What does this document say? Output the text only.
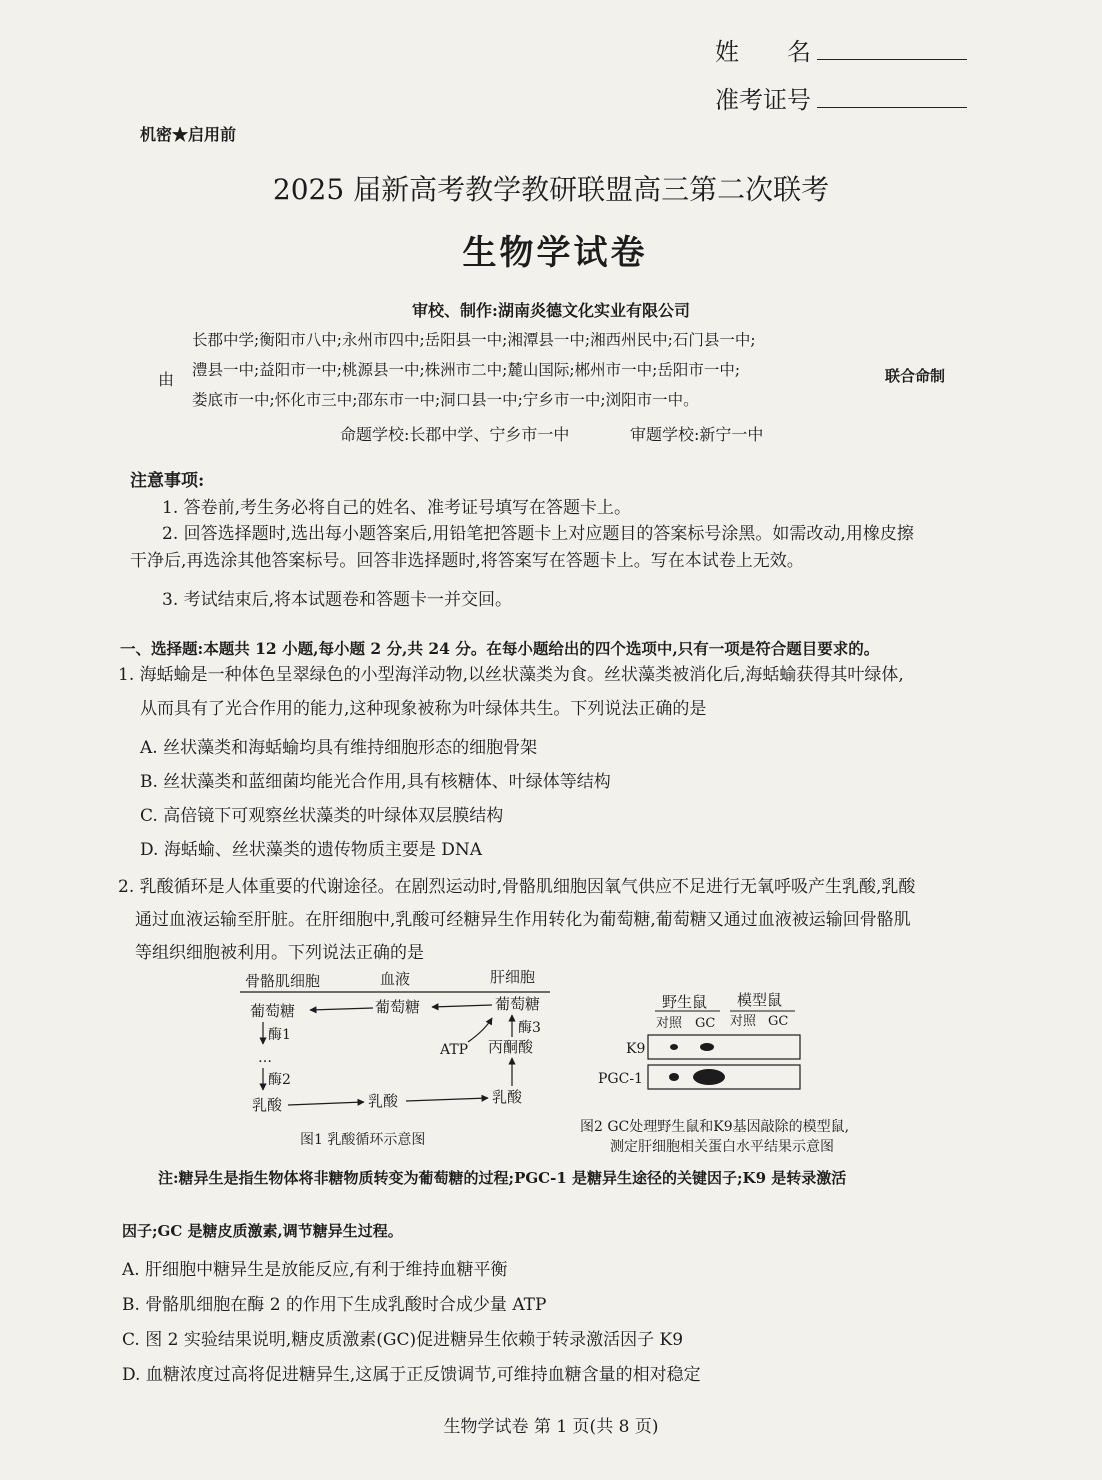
姓　　名
准考证号
机密★启用前
2025 届新高考教学教研联盟高三第二次联考
生物学试卷
审校、制作:湖南炎德文化实业有限公司
由
长郡中学;衡阳市八中;永州市四中;岳阳县一中;湘潭县一中;湘西州民中;石门县一中;
澧县一中;益阳市一中;桃源县一中;株洲市二中;麓山国际;郴州市一中;岳阳市一中;
娄底市一中;怀化市三中;邵东市一中;洞口县一中;宁乡市一中;浏阳市一中。
联合命制
命题学校:长郡中学、宁乡市一中	审题学校:新宁一中
注意事项:
1. 答卷前,考生务必将自己的姓名、准考证号填写在答题卡上。
2. 回答选择题时,选出每小题答案后,用铅笔把答题卡上对应题目的答案标号涂黑。如需改动,用橡皮擦
干净后,再选涂其他答案标号。回答非选择题时,将答案写在答题卡上。写在本试卷上无效。
3. 考试结束后,将本试题卷和答题卡一并交回。
一、选择题:本题共 12 小题,每小题 2 分,共 24 分。在每小题给出的四个选项中,只有一项是符合题目要求的。
1. 海蛞蝓是一种体色呈翠绿色的小型海洋动物,以丝状藻类为食。丝状藻类被消化后,海蛞蝓获得其叶绿体,
从而具有了光合作用的能力,这种现象被称为叶绿体共生。下列说法正确的是
A. 丝状藻类和海蛞蝓均具有维持细胞形态的细胞骨架
B. 丝状藻类和蓝细菌均能光合作用,具有核糖体、叶绿体等结构
C. 高倍镜下可观察丝状藻类的叶绿体双层膜结构
D. 海蛞蝓、丝状藻类的遗传物质主要是 DNA
2. 乳酸循环是人体重要的代谢途径。在剧烈运动时,骨骼肌细胞因氧气供应不足进行无氧呼吸产生乳酸,乳酸
通过血液运输至肝脏。在肝细胞中,乳酸可经糖异生作用转化为葡萄糖,葡萄糖又通过血液被运输回骨骼肌
等组织细胞被利用。下列说法正确的是
骨骼肌细胞	血液	肝细胞
葡萄糖	葡萄糖	葡萄糖
酶1
…
酶2
乳酸	乳酸	乳酸
丙酮酸
酶3
ATP
图1 乳酸循环示意图
野生鼠 模型鼠
对照 GC 对照 GC
K9
PGC-1
图2 GC处理野生鼠和K9基因敲除的模型鼠,
测定肝细胞相关蛋白水平结果示意图
注:糖异生是指生物体将非糖物质转变为葡萄糖的过程;PGC-1 是糖异生途径的关键因子;K9 是转录激活
因子;GC 是糖皮质激素,调节糖异生过程。
A. 肝细胞中糖异生是放能反应,有利于维持血糖平衡
B. 骨骼肌细胞在酶 2 的作用下生成乳酸时合成少量 ATP
C. 图 2 实验结果说明,糖皮质激素(GC)促进糖异生依赖于转录激活因子 K9
D. 血糖浓度过高将促进糖异生,这属于正反馈调节,可维持血糖含量的相对稳定
生物学试卷 第 1 页(共 8 页)
